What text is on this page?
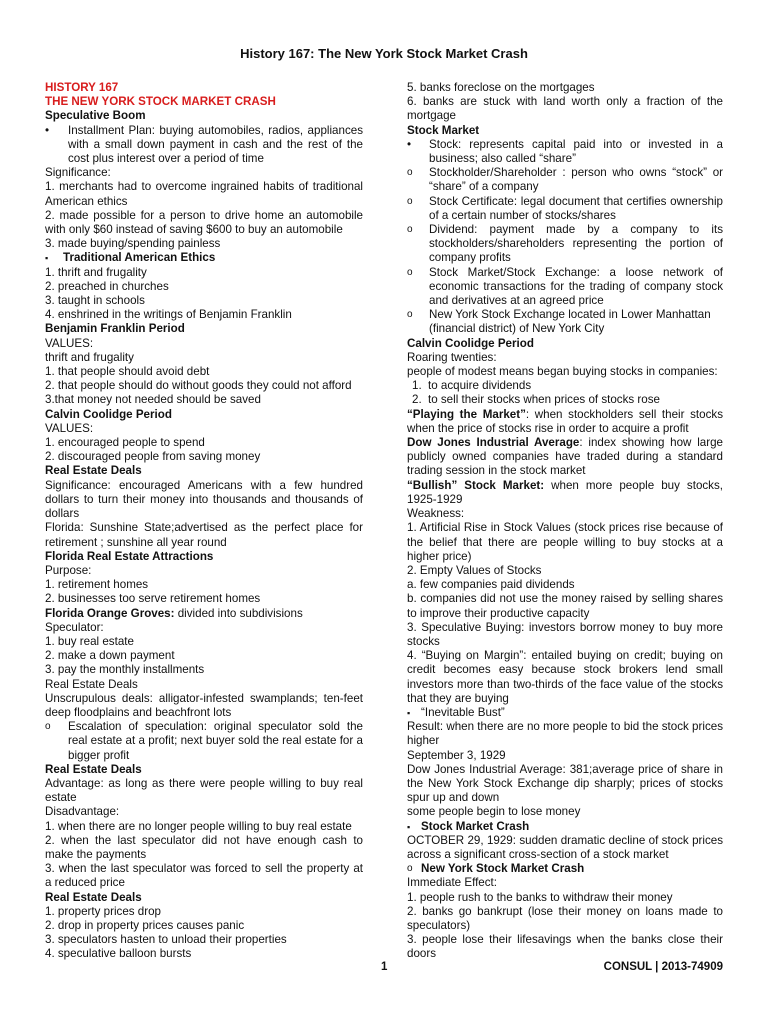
History 167: The New York Stock Market Crash
HISTORY 167
THE NEW YORK STOCK MARKET CRASH
Speculative Boom
•	Installment Plan: buying automobiles, radios, appliances with a small down payment in cash and the rest of the cost plus interest over a period of time
Significance:
1. merchants had to overcome ingrained habits of traditional American ethics
2. made possible for a person to drive home an automobile with only $60 instead of saving $600 to buy an automobile
3. made buying/spending painless
▪	Traditional American Ethics
1. thrift and frugality
2. preached in churches
3. taught in schools
4. enshrined in the writings of Benjamin Franklin
Benjamin Franklin Period
VALUES:
thrift and frugality
1. that people should avoid debt
2. that people should do without goods they could not afford
3.that money not needed should be saved
Calvin Coolidge Period
VALUES:
1. encouraged people to spend
2. discouraged people from saving money
Real Estate Deals
Significance: encouraged Americans with a few hundred dollars to turn their money into thousands and thousands of dollars
Florida: Sunshine State;advertised as the perfect place for retirement ; sunshine all year round
Florida Real Estate Attractions
Purpose:
1. retirement homes
2. businesses too serve retirement homes
Florida Orange Groves: divided into subdivisions
Speculator:
1. buy real estate
2. make a down payment
3. pay the monthly installments
Real Estate Deals
Unscrupulous deals: alligator-infested swamplands; ten-feet deep floodplains and beachfront lots
o	Escalation of speculation: original speculator sold the real estate at a profit; next buyer sold the real estate for a bigger profit
Real Estate Deals
Advantage: as long as there were people willing to buy real estate
Disadvantage:
1. when there are no longer people willing to buy real estate
2. when the last speculator did not have enough cash to make the payments
3. when the last speculator was forced to sell the property at a reduced price
Real Estate Deals
1. property prices drop
2. drop in property prices causes panic
3. speculators hasten to unload their properties
4. speculative balloon bursts
5. banks foreclose on the mortgages
6. banks are stuck with land worth only a fraction of the mortgage
Stock Market
•	Stock: represents capital paid into or invested in a business; also called “share”
o	Stockholder/Shareholder : person who owns “stock” or “share” of a company
o	Stock Certificate: legal document that certifies ownership of a certain number of stocks/shares
o	Dividend: payment made by a company to its stockholders/shareholders representing the portion of company profits
o	Stock Market/Stock Exchange: a loose network of economic transactions for the trading of company stock and derivatives at an agreed price
o	New York Stock Exchange located in Lower Manhattan (financial district) of New York City
Calvin Coolidge Period
Roaring twenties:
people of modest means began buying stocks in companies:
1. to acquire dividends
2. to sell their stocks when prices of stocks rose
“Playing the Market”: when stockholders sell their stocks when the price of stocks rise in order to acquire a profit
Dow Jones Industrial Average: index showing how large publicly owned companies have traded during a standard trading session in the stock market
“Bullish” Stock Market: when more people buy stocks, 1925-1929
Weakness:
1. Artificial Rise in Stock Values (stock prices rise because of the belief that there are people willing to buy stocks at a higher price)
2. Empty Values of Stocks
a. few companies paid dividends
b. companies did not use the money raised by selling shares to improve their productive capacity
3. Speculative Buying: investors borrow money to buy more stocks
4. “Buying on Margin”: entailed buying on credit; buying on credit becomes easy because stock brokers lend small investors more than two-thirds of the face value of the stocks that they are buying
▪ “Inevitable Bust”
Result: when there are no more people to bid the stock prices higher
September 3, 1929
Dow Jones Industrial Average: 381;average price of share in the New York Stock Exchange dip sharply; prices of stocks spur up and down
some people begin to lose money
▪ Stock Market Crash
OCTOBER 29, 1929: sudden dramatic decline of stock prices across a significant cross-section of a stock market
o New York Stock Market Crash
Immediate Effect:
1. people rush to the banks to withdraw their money
2. banks go bankrupt (lose their money on loans made to speculators)
3. people lose their lifesavings when the banks close their doors
1	CONSUL | 2013-74909
